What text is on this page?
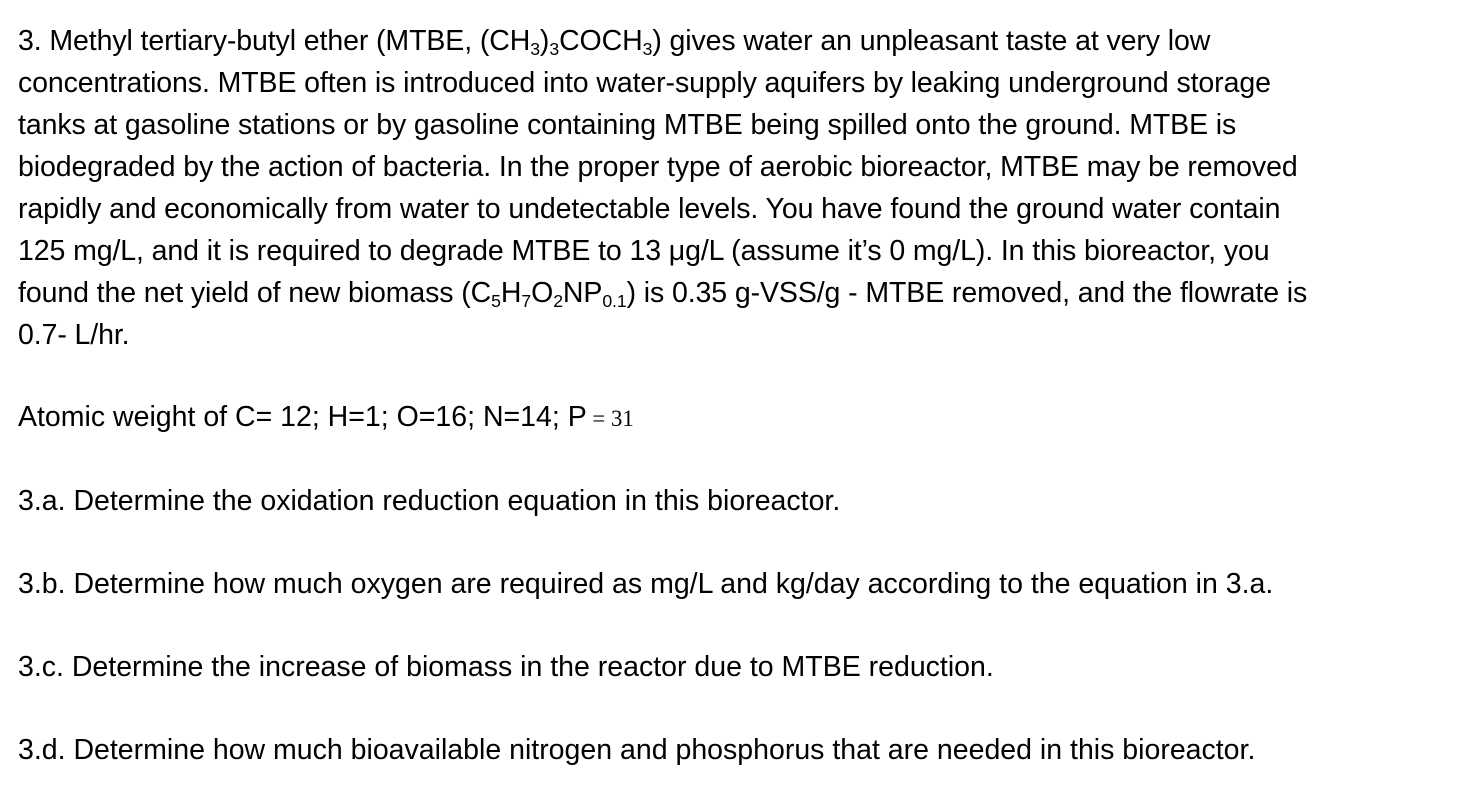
3. Methyl tertiary-butyl ether (MTBE, $(CH_3)_3COCH_3$) gives water an unpleasant taste at very low
concentrations. MTBE often is introduced into water-supply aquifers by leaking underground storage
tanks at gasoline stations or by gasoline containing MTBE being spilled onto the ground. MTBE is
biodegraded by the action of bacteria. In the proper type of aerobic bioreactor, MTBE may be removed
rapidly and economically from water to undetectable levels. You have found the ground water contain
125 mg/L, and it is required to degrade MTBE to 13 μg/L (assume it’s 0 mg/L). In this bioreactor, you
found the net yield of new biomass $(C_5H_7O_2NP_{0.1})$ is 0.35 g-VSS/g - MTBE removed, and the flowrate is
0.7- L/hr.

Atomic weight of C= 12; H=1; O=16; N=14; P = 31

3.a. Determine the oxidation reduction equation in this bioreactor.

3.b. Determine how much oxygen are required as mg/L and kg/day according to the equation in 3.a.

3.c. Determine the increase of biomass in the reactor due to MTBE reduction.

3.d. Determine how much bioavailable nitrogen and phosphorus that are needed in this bioreactor.
